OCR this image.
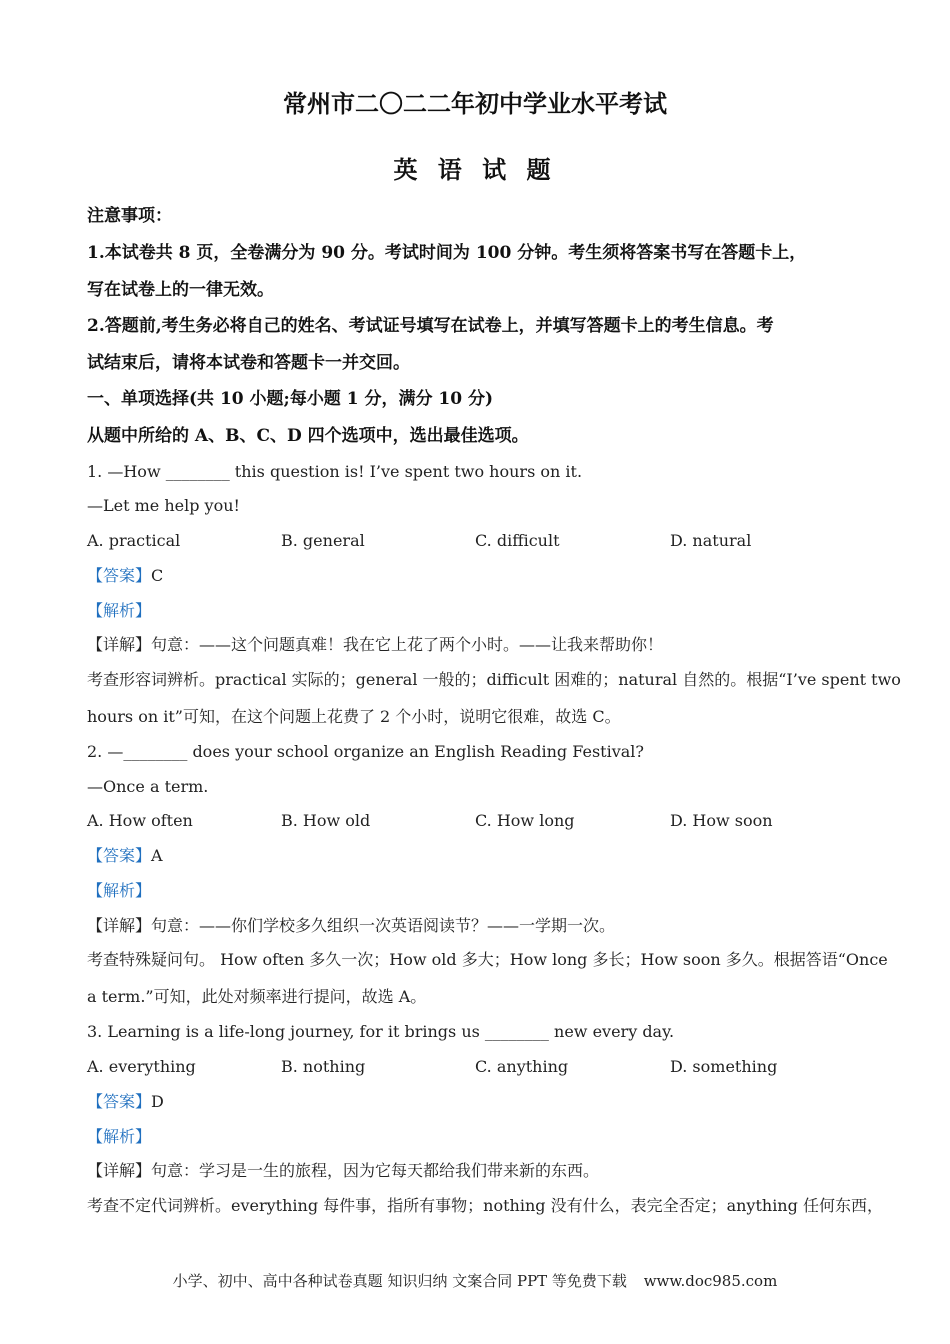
常州市二〇二二年初中学业水平考试
英 语 试 题
注意事项：
1.本试卷共 8 页，全卷满分为 90 分。考试时间为 100 分钟。考生须将答案书写在答题卡上，
写在试卷上的一律无效。
2.答题前,考生务必将自己的姓名、考试证号填写在试卷上，并填写答题卡上的考生信息。考
试结束后，请将本试卷和答题卡一并交回。
一、单项选择(共 10 小题;每小题 1 分，满分 10 分)
从题中所给的 A、B、C、D 四个选项中，选出最佳选项。
1. —How ________ this question is! I’ve spent two hours on it.
—Let me help you!
A. practical	B. general	C. difficult	D. natural
【答案】C
【解析】
【详解】句意：——这个问题真难！我在它上花了两个小时。——让我来帮助你！
考查形容词辨析。practical 实际的；general 一般的；difficult 困难的；natural 自然的。根据“I’ve spent two
hours on it”可知，在这个问题上花费了 2 个小时，说明它很难，故选 C。
2. —________ does your school organize an English Reading Festival?
—Once a term.
A. How often	B. How old	C. How long	D. How soon
【答案】A
【解析】
【详解】句意：——你们学校多久组织一次英语阅读节？——一学期一次。
考查特殊疑问句。 How often 多久一次；How old 多大；How long 多长；How soon 多久。根据答语“Once
a term.”可知，此处对频率进行提问，故选 A。
3. Learning is a life-long journey, for it brings us ________ new every day.
A. everything	B. nothing	C. anything	D. something
【答案】D
【解析】
【详解】句意：学习是一生的旅程，因为它每天都给我们带来新的东西。
考查不定代词辨析。everything 每件事，指所有事物；nothing 没有什么，表完全否定；anything 任何东西，
小学、初中、高中各种试卷真题 知识归纳 文案合同 PPT 等免费下载 www.doc985.com
